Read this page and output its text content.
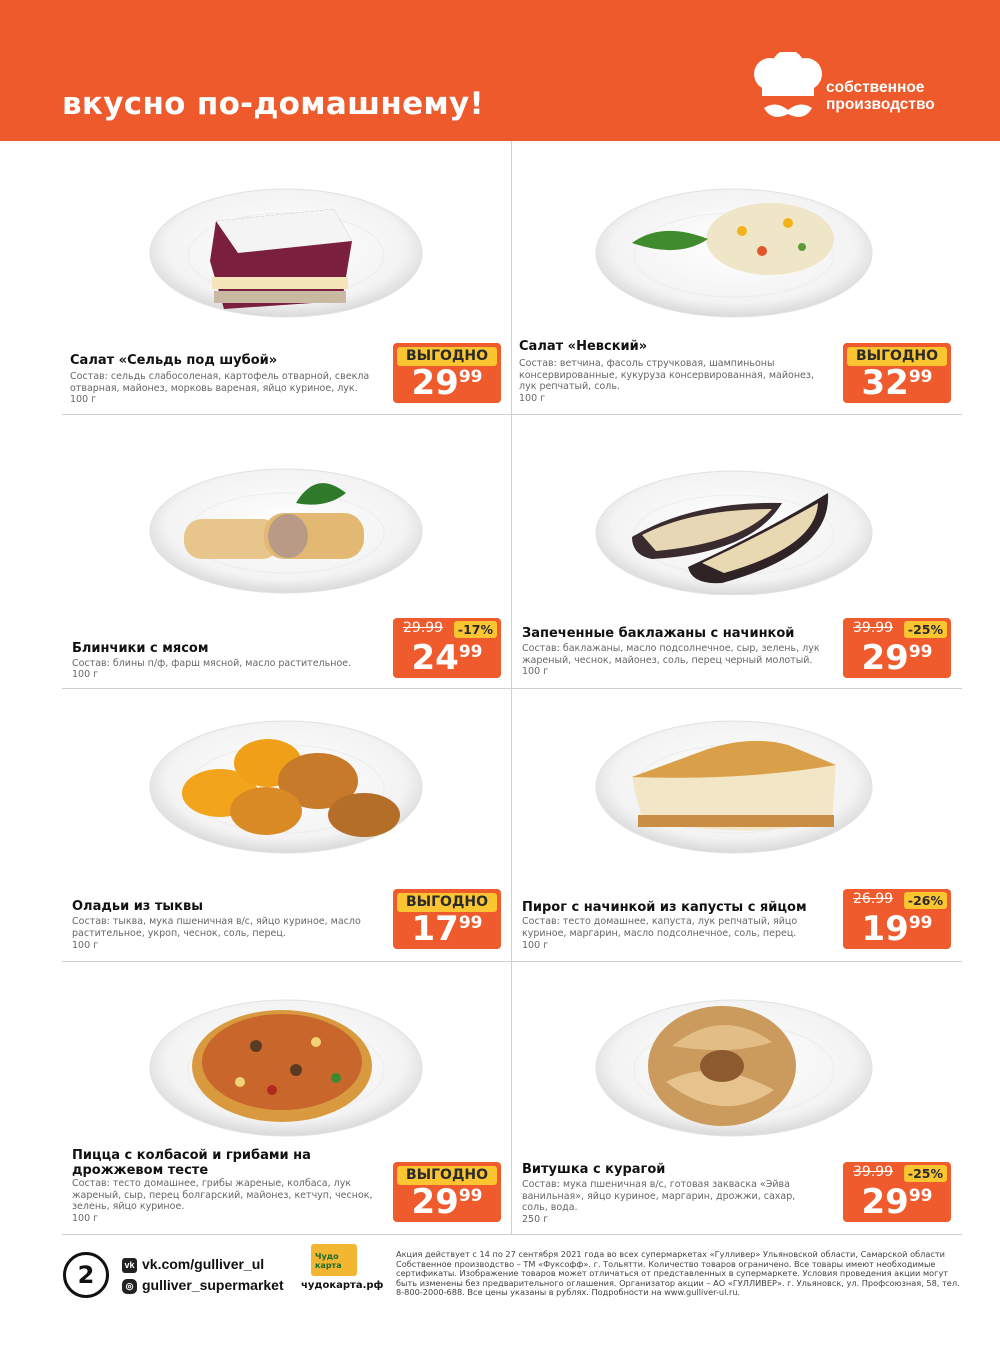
вкусно по-домашнему!	собственное
производство
Салат «Сельдь под шубой»
Состав: сельдь слабосоленая, картофель отварной, свекла отварная, майонез, морковь вареная, яйцо куриное, лук.
100 г
ВЫГОДНО
2999
Салат «Невский»
Состав: ветчина, фасоль стручковая, шампиньоны консервированные, кукуруза консервированная, майонез, лук репчатый, соль.
100 г
ВЫГОДНО
3299
Блинчики с мясом
Состав: блины п/ф, фарш мясной, масло растительное.
100 г
29.99	-17%
2499
Запеченные баклажаны с начинкой
Состав: баклажаны, масло подсолнечное, сыр, зелень, лук жареный, чеснок, майонез, соль, перец черный молотый.
100 г
39.99	-25%
2999
Оладьи из тыквы
Состав: тыква, мука пшеничная в/с, яйцо куриное, масло растительное, укроп, чеснок, соль, перец.
100 г
ВЫГОДНО
1799
Пирог с начинкой из капусты с яйцом
Состав: тесто домашнее, капуста, лук репчатый, яйцо куриное, маргарин, масло подсолнечное, соль, перец.
100 г
26.99	-26%
1999
Пицца с колбасой и грибами на дрожжевом тесте
Состав: тесто домашнее, грибы жареные, колбаса, лук жареный, сыр, перец болгарский, майонез, кетчуп, чеснок, зелень, яйцо куриное.
100 г
ВЫГОДНО
2999
Витушка с курагой
Состав: мука пшеничная в/с, готовая закваска «Эйва ванильная», яйцо куриное, маргарин, дрожжи, сахар, соль, вода.
250 г
39.99	-25%
2999
2	vk vk.com/gulliver_ul
◎ gulliver_supermarket
Чудо карта
чудокарта.рф
Акция действует с 14 по 27 сентября 2021 года во всех супермаркетах «Гулливер» Ульяновской области, Самарской области Собственное производство – ТМ «Фуксофф». г. Тольятти. Количество товаров ограничено. Все товары имеют необходимые сертификаты. Изображение товаров может отличаться от представленных в супермаркете. Условия проведения акции могут быть изменены без предварительного оглашения. Организатор акции – АО «ГУЛЛИВЕР». г. Ульяновск, ул. Профсоюзная, 58, тел. 8-800-2000-688. Все цены указаны в рублях. Подробности на www.gulliver-ul.ru.
